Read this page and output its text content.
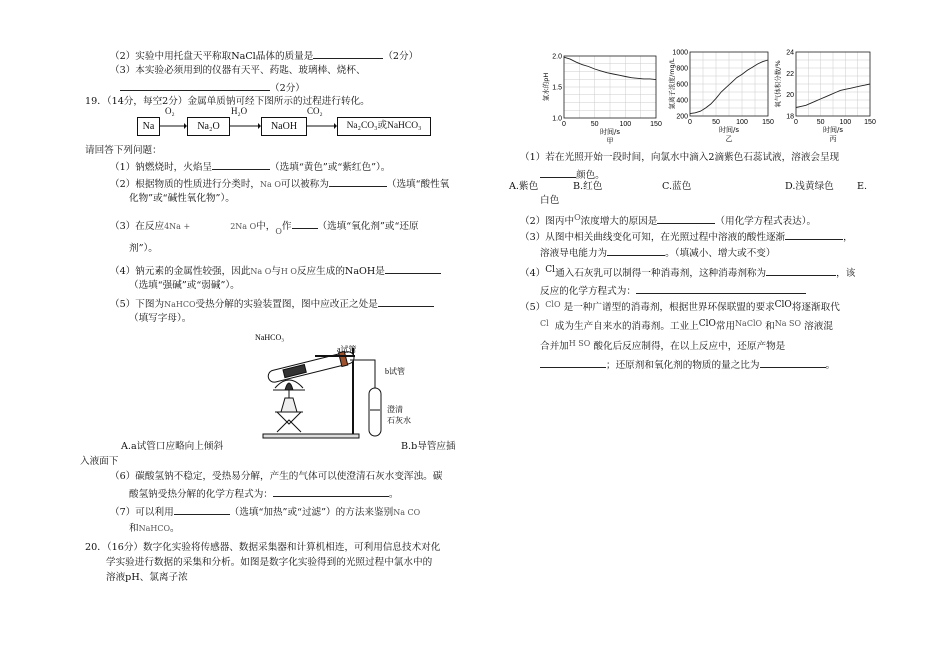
（2）实验中用托盘天平称取NaCl晶体的质量是	（2分）
（3）本实验必须用到的仪器有天平、药匙、玻璃棒、烧杯、
（2分）
19．（14分，每空2分）金属单质钠可经下图所示的过程进行转化。
Na
O₂
Na₂O
H₂O
NaOH
CO₂
Na₂CO₃或NaHCO₃
请回答下列问题：
（1）钠燃烧时，火焰呈	（选填“黄色”或“紫红色”）。
（2）根据物质的性质进行分类时，Na O可以被称为	（选填“酸性氧
化物”或“碱性氧化物”）。
（3）在反应4Na +	2Na O中，$_O$作	（选填“氧化剂”或“还原
剂”）。
（4）钠元素的金属性较强，因此Na O与H O反应生成的NaOH是
（选填“强碱”或“弱碱”）。
（5）下图为NaHCO受热分解的实验装置图，图中应改正之处是
（填写字母）。
NaHCO₃
a试管
b试管
澄清
石灰水
A.a试管口应略向上倾斜	B.b导管应插
入液面下
（6）碳酸氢钠不稳定，受热易分解，产生的气体可以使澄清石灰水变浑浊。碳
酸氢钠受热分解的化学方程式为：	。
（7）可以利用	（选填“加热”或“过滤”）的方法来鉴别Na CO
和NaHCO。
20．（16分）数字化实验将传感器、数据采集器和计算机相连，可利用信息技术对化
学实验进行数据的采集和分析。如图是数字化实验得到的光照过程中氯水中的
溶液pH、氯离子浓
1.0
1.5
2.0
0	50	100	150
时间/s
甲
氯水的pH
200
400
600
800
1000
0	50 100 150
时间/s
乙
氯离子浓度/mg/L
18
20
22
24
0	50 100 150
时间/s
丙
氧气体积分数/%
（1）若在光照开始一段时间，向氯水中滴入2滴紫色石蕊试液，溶液会呈现
颜色。
A.紫色	B.红色	C.蓝色	D.浅黄绿色 E.
白色
（2）图丙中$^O$浓度增大的原因是	（用化学方程式表达）。
（3）从图中相关曲线变化可知，在光照过程中溶液的酸性逐渐	，
溶液导电能力为	。（填减小、增大或不变）
（4）Cl通入石灰乳可以制得一种消毒剂，这种消毒剂称为	，该
反应的化学方程式为：
$(5)^{ClO}$ 是一种广谱型的消毒剂，根据世界环保联盟的要求ClO将逐渐取代
$^{Cl}$ 成为生产自来水的消毒剂。工业上ClO常用$^{NaClO}$ 和$^{Na SO}$ 溶液混
合并加$^{H SO}$ 酸化后反应制得，在以上反应中，还原产物是
；还原剂和氧化剂的物质的量之比为	。
